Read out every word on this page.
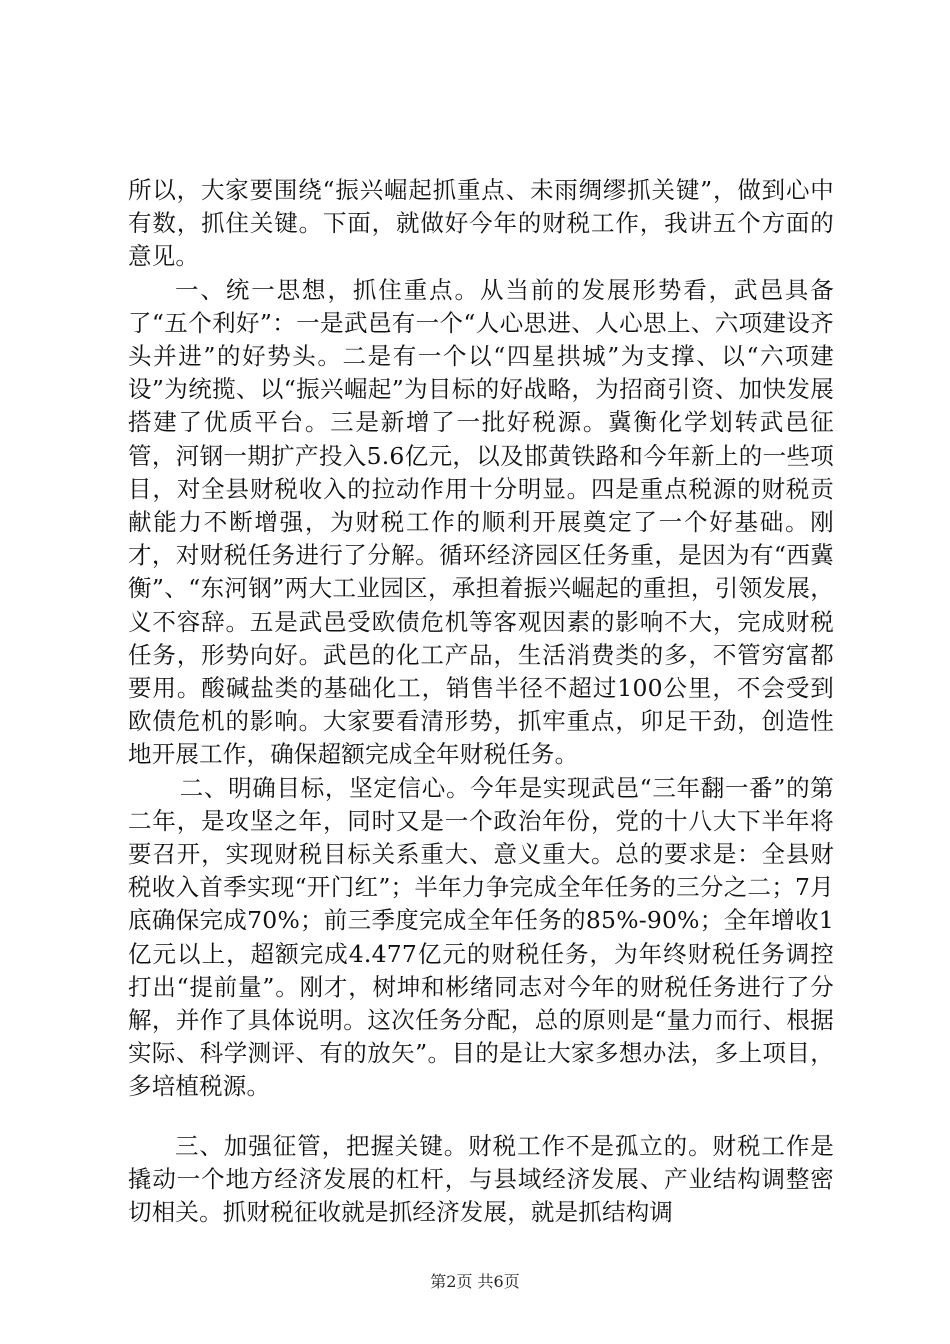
所以，大家要围绕“振兴崛起抓重点、未雨绸缪抓关键”，做到心中有数，抓住关键。下面，就做好今年的财税工作，我讲五个方面的意见。

一、统一思想，抓住重点。从当前的发展形势看，武邑具备了“五个利好”：一是武邑有一个“人心思进、人心思上、六项建设齐头并进”的好势头。二是有一个以“四星拱城”为支撑、以“六项建设”为统揽、以“振兴崛起”为目标的好战略，为招商引资、加快发展搭建了优质平台。三是新增了一批好税源。冀衡化学划转武邑征管，河钢一期扩产投入5.6亿元，以及邯黄铁路和今年新上的一些项目，对全县财税收入的拉动作用十分明显。四是重点税源的财税贡献能力不断增强，为财税工作的顺利开展奠定了一个好基础。刚才，对财税任务进行了分解。循环经济园区任务重，是因为有“西冀衡”、“东河钢”两大工业园区，承担着振兴崛起的重担，引领发展，义不容辞。五是武邑受欧债危机等客观因素的影响不大，完成财税任务，形势向好。武邑的化工产品，生活消费类的多，不管穷富都要用。酸碱盐类的基础化工，销售半径不超过100公里，不会受到欧债危机的影响。大家要看清形势，抓牢重点，卯足干劲，创造性地开展工作，确保超额完成全年财税任务。

二、明确目标，坚定信心。今年是实现武邑“三年翻一番”的第二年，是攻坚之年，同时又是一个政治年份，党的十八大下半年将要召开，实现财税目标关系重大、意义重大。总的要求是：全县财税收入首季实现“开门红”；半年力争完成全年任务的三分之二；7月底确保完成70%；前三季度完成全年任务的85%-90%；全年增收1亿元以上，超额完成4.477亿元的财税任务，为年终财税任务调控打出“提前量”。刚才，树坤和彬绪同志对今年的财税任务进行了分解，并作了具体说明。这次任务分配，总的原则是“量力而行、根据实际、科学测评、有的放矢”。目的是让大家多想办法，多上项目，多培植税源。

三、加强征管，把握关键。财税工作不是孤立的。财税工作是撬动一个地方经济发展的杠杆，与县域经济发展、产业结构调整密切相关。抓财税征收就是抓经济发展，就是抓结构调

第2页 共6页
